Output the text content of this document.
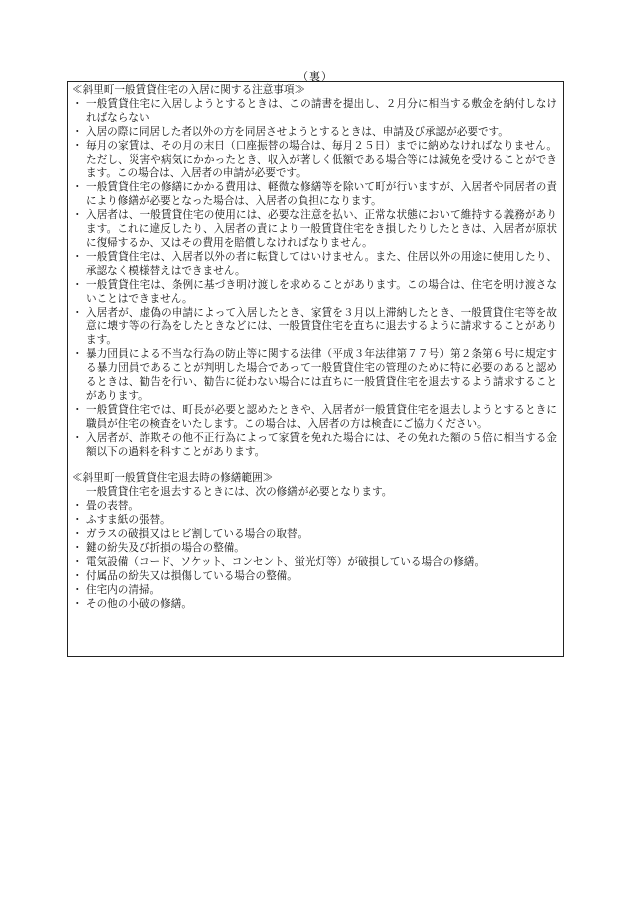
（裏）

≪斜里町一般賃貸住宅の入居に関する注意事項≫

・ 一般賃貸住宅に入居しようとするときは、この請書を提出し、２月分に相当する敷金を納付しなければならない
・ 入居の際に同居した者以外の方を同居させようとするときは、申請及び承認が必要です。
・ 毎月の家賃は、その月の末日（口座振替の場合は、毎月２５日）までに納めなければなりません。ただし、災害や病気にかかったとき、収入が著しく低額である場合等には減免を受けることができます。この場合は、入居者の申請が必要です。
・ 一般賃貸住宅の修繕にかかる費用は、軽微な修繕等を除いて町が行いますが、入居者や同居者の責により修繕が必要となった場合は、入居者の負担になります。
・ 入居者は、一般賃貸住宅の使用には、必要な注意を払い、正常な状態において維持する義務があります。これに違反したり、入居者の責により一般賃貸住宅をき損したりしたときは、入居者が原状に復帰するか、又はその費用を賠償しなければなりません。
・ 一般賃貸住宅は、入居者以外の者に転貸してはいけません。また、住居以外の用途に使用したり、承認なく模様替えはできません。
・ 一般賃貸住宅は、条例に基づき明け渡しを求めることがあります。この場合は、住宅を明け渡さないことはできません。
・ 入居者が、虚偽の申請によって入居したとき、家賃を３月以上滞納したとき、一般賃貸住宅等を故意に壊す等の行為をしたときなどには、一般賃貸住宅を直ちに退去するように請求することがあります。
・ 暴力団員による不当な行為の防止等に関する法律（平成３年法律第７７号）第２条第６号に規定する暴力団員であることが判明した場合であって一般賃貸住宅の管理のために特に必要のあると認めるときは、勧告を行い、勧告に従わない場合には直ちに一般賃貸住宅を退去するよう請求することがあります。
・ 一般賃貸住宅では、町長が必要と認めたときや、入居者が一般賃貸住宅を退去しようとするときに職員が住宅の検査をいたします。この場合は、入居者の方は検査にご協力ください。
・ 入居者が、詐欺その他不正行為によって家賃を免れた場合には、その免れた額の５倍に相当する金額以下の過料を科すことがあります。

≪斜里町一般賃貸住宅退去時の修繕範囲≫

一般賃貸住宅を退去するときには、次の修繕が必要となります。

・ 畳の表替。
・ ふすま紙の張替。
・ ガラスの破損又はヒビ割している場合の取替。
・ 鍵の紛失及び折損の場合の整備。
・ 電気設備（コード、ソケット、コンセント、蛍光灯等）が破損している場合の修繕。
・ 付属品の紛失又は損傷している場合の整備。
・ 住宅内の清掃。
・ その他の小破の修繕。
